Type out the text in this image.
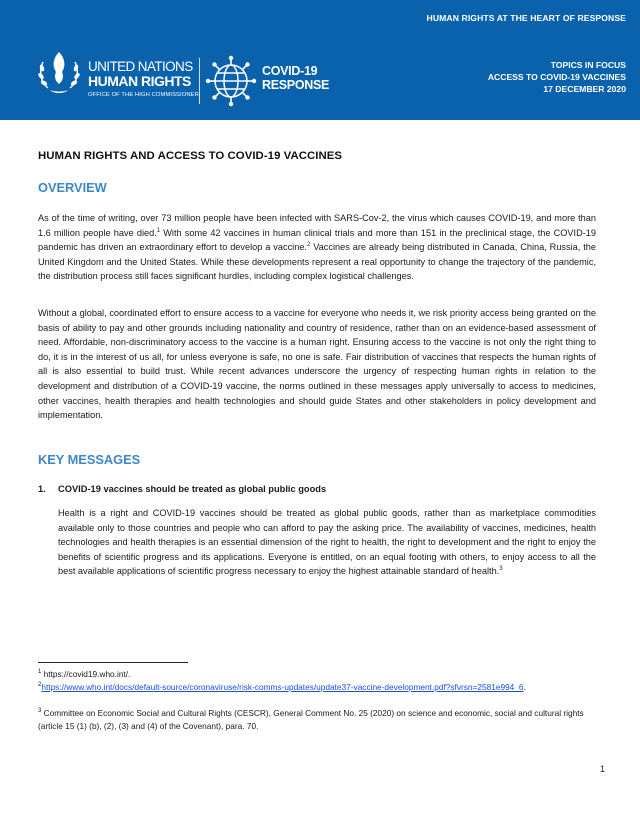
HUMAN RIGHTS AT THE HEART OF RESPONSE
UNITED NATIONS
HUMAN RIGHTS
OFFICE OF THE HIGH COMMISSIONER
COVID-19
RESPONSE
TOPICS IN FOCUS
ACCESS TO COVID-19 VACCINES
17 DECEMBER 2020
HUMAN RIGHTS AND ACCESS TO COVID-19 VACCINES
OVERVIEW
As of the time of writing, over 73 million people have been infected with SARS-Cov-2, the virus which causes COVID-19, and more than 1.6 million people have died.$^1$ With some 42 vaccines in human clinical trials and more than 151 in the preclinical stage, the COVID-19 pandemic has driven an extraordinary effort to develop a vaccine.$^2$ Vaccines are already being distributed in Canada, China, Russia, the United Kingdom and the United States. While these developments represent a real opportunity to change the trajectory of the pandemic, the distribution process still faces significant hurdles, including complex logistical challenges.
Without a global, coordinated effort to ensure access to a vaccine for everyone who needs it, we risk priority access being granted on the basis of ability to pay and other grounds including nationality and country of residence, rather than on an evidence-based assessment of need. Affordable, non-discriminatory access to the vaccine is a human right. Ensuring access to the vaccine is not only the right thing to do, it is in the interest of us all, for unless everyone is safe, no one is safe. Fair distribution of vaccines that respects the human rights of all is also essential to build trust. While recent advances underscore the urgency of respecting human rights in relation to the development and distribution of a COVID-19 vaccine, the norms outlined in these messages apply universally to access to medicines, other vaccines, health therapies and health technologies and should guide States and other stakeholders in policy development and implementation.
KEY MESSAGES
1. COVID-19 vaccines should be treated as global public goods
Health is a right and COVID-19 vaccines should be treated as global public goods, rather than as marketplace commodities available only to those countries and people who can afford to pay the asking price. The availability of vaccines, medicines, health technologies and health therapies is an essential dimension of the right to health, the right to development and the right to enjoy the benefits of scientific progress and its applications. Everyone is entitled, on an equal footing with others, to enjoy access to all the best available applications of scientific progress necessary to enjoy the highest attainable standard of health.$^3$
$^1$ https://covid19.who.int/.
$^2$https://www.who.int/docs/default-source/coronaviruse/risk-comms-updates/update37-vaccine-development.pdf?sfvrsn=2581e994_6.
$^3$ Committee on Economic Social and Cultural Rights (CESCR), General Comment No. 25 (2020) on science and economic, social and cultural rights (article 15 (1) (b), (2), (3) and (4) of the Covenant), para. 70.
1
